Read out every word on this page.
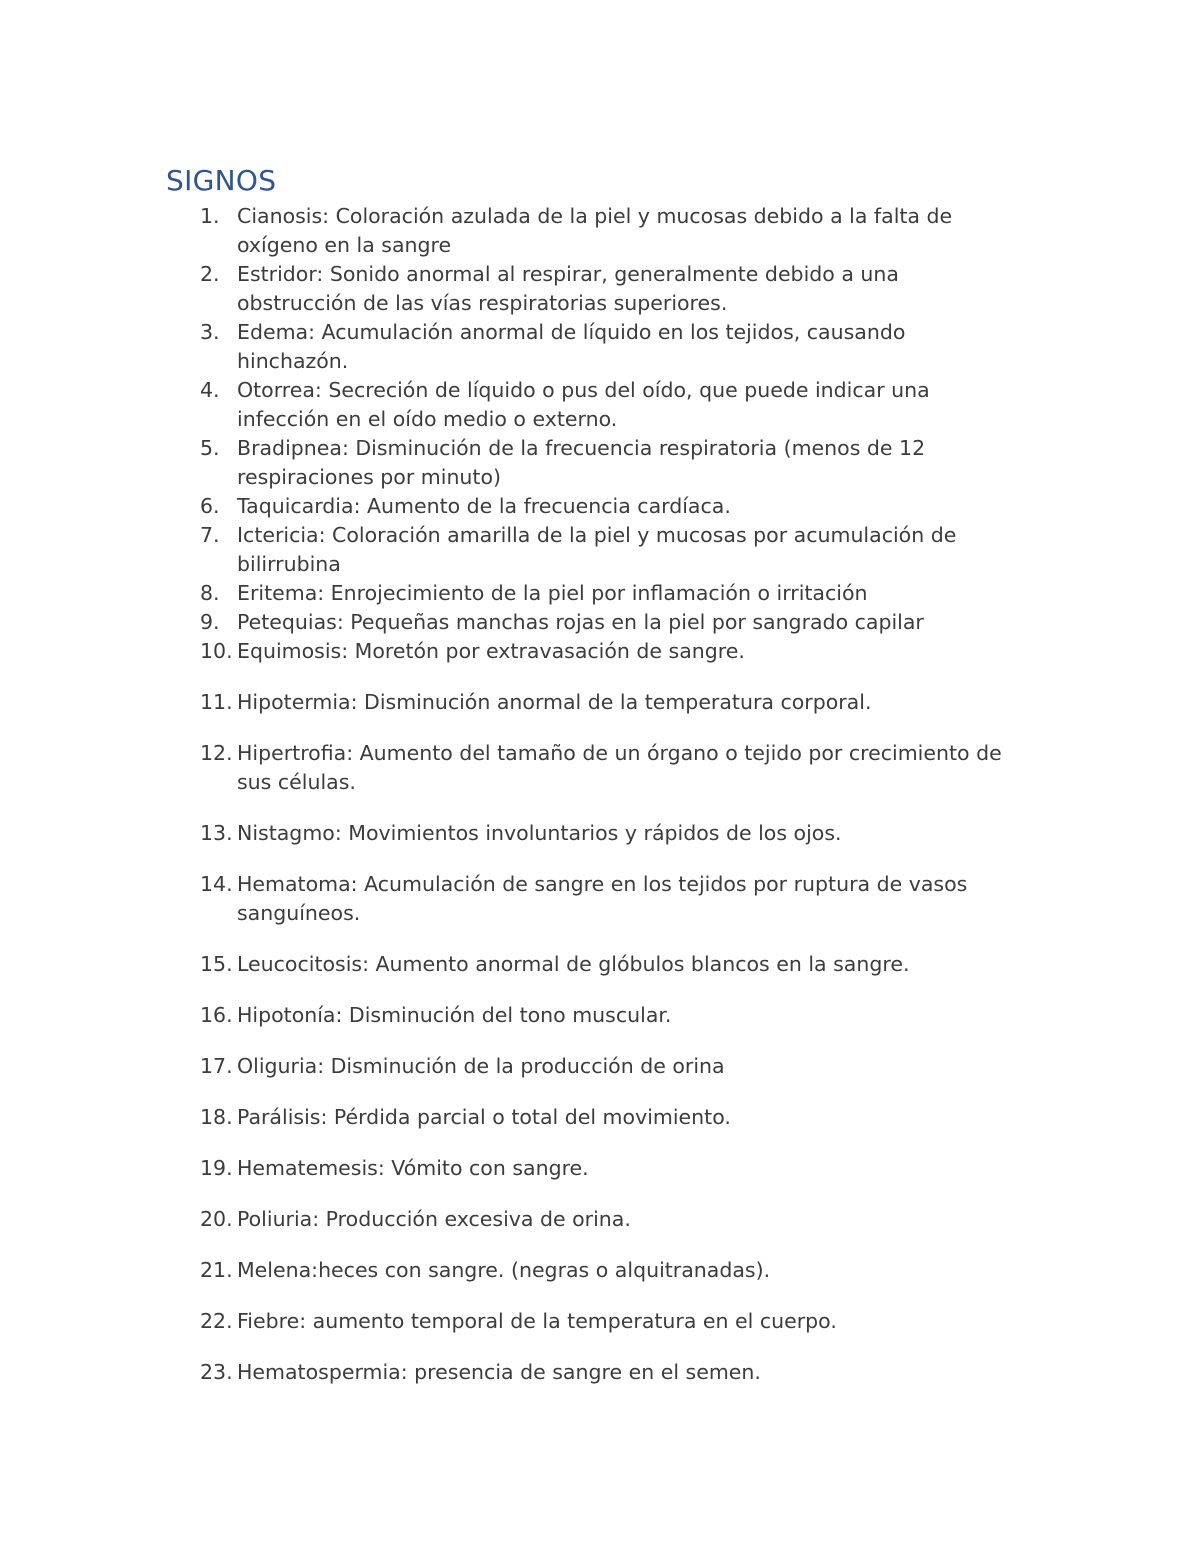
SIGNOS
1. Cianosis: Coloración azulada de la piel y mucosas debido a la falta de oxígeno en la sangre
2. Estridor: Sonido anormal al respirar, generalmente debido a una obstrucción de las vías respiratorias superiores.
3. Edema: Acumulación anormal de líquido en los tejidos, causando hinchazón.
4. Otorrea: Secreción de líquido o pus del oído, que puede indicar una infección en el oído medio o externo.
5. Bradipnea: Disminución de la frecuencia respiratoria (menos de 12 respiraciones por minuto)
6. Taquicardia: Aumento de la frecuencia cardíaca.
7. Ictericia: Coloración amarilla de la piel y mucosas por acumulación de bilirrubina
8. Eritema: Enrojecimiento de la piel por inflamación o irritación
9. Petequias: Pequeñas manchas rojas en la piel por sangrado capilar
10. Equimosis: Moretón por extravasación de sangre.
11. Hipotermia: Disminución anormal de la temperatura corporal.
12. Hipertrofia: Aumento del tamaño de un órgano o tejido por crecimiento de sus células.
13. Nistagmo: Movimientos involuntarios y rápidos de los ojos.
14. Hematoma: Acumulación de sangre en los tejidos por ruptura de vasos sanguíneos.
15. Leucocitosis: Aumento anormal de glóbulos blancos en la sangre.
16. Hipotonía: Disminución del tono muscular.
17. Oliguria: Disminución de la producción de orina
18. Parálisis: Pérdida parcial o total del movimiento.
19. Hematemesis: Vómito con sangre.
20. Poliuria: Producción excesiva de orina.
21. Melena:heces con sangre. (negras o alquitranadas).
22. Fiebre: aumento temporal de la temperatura en el cuerpo.
23. Hematospermia: presencia de sangre en el semen.
